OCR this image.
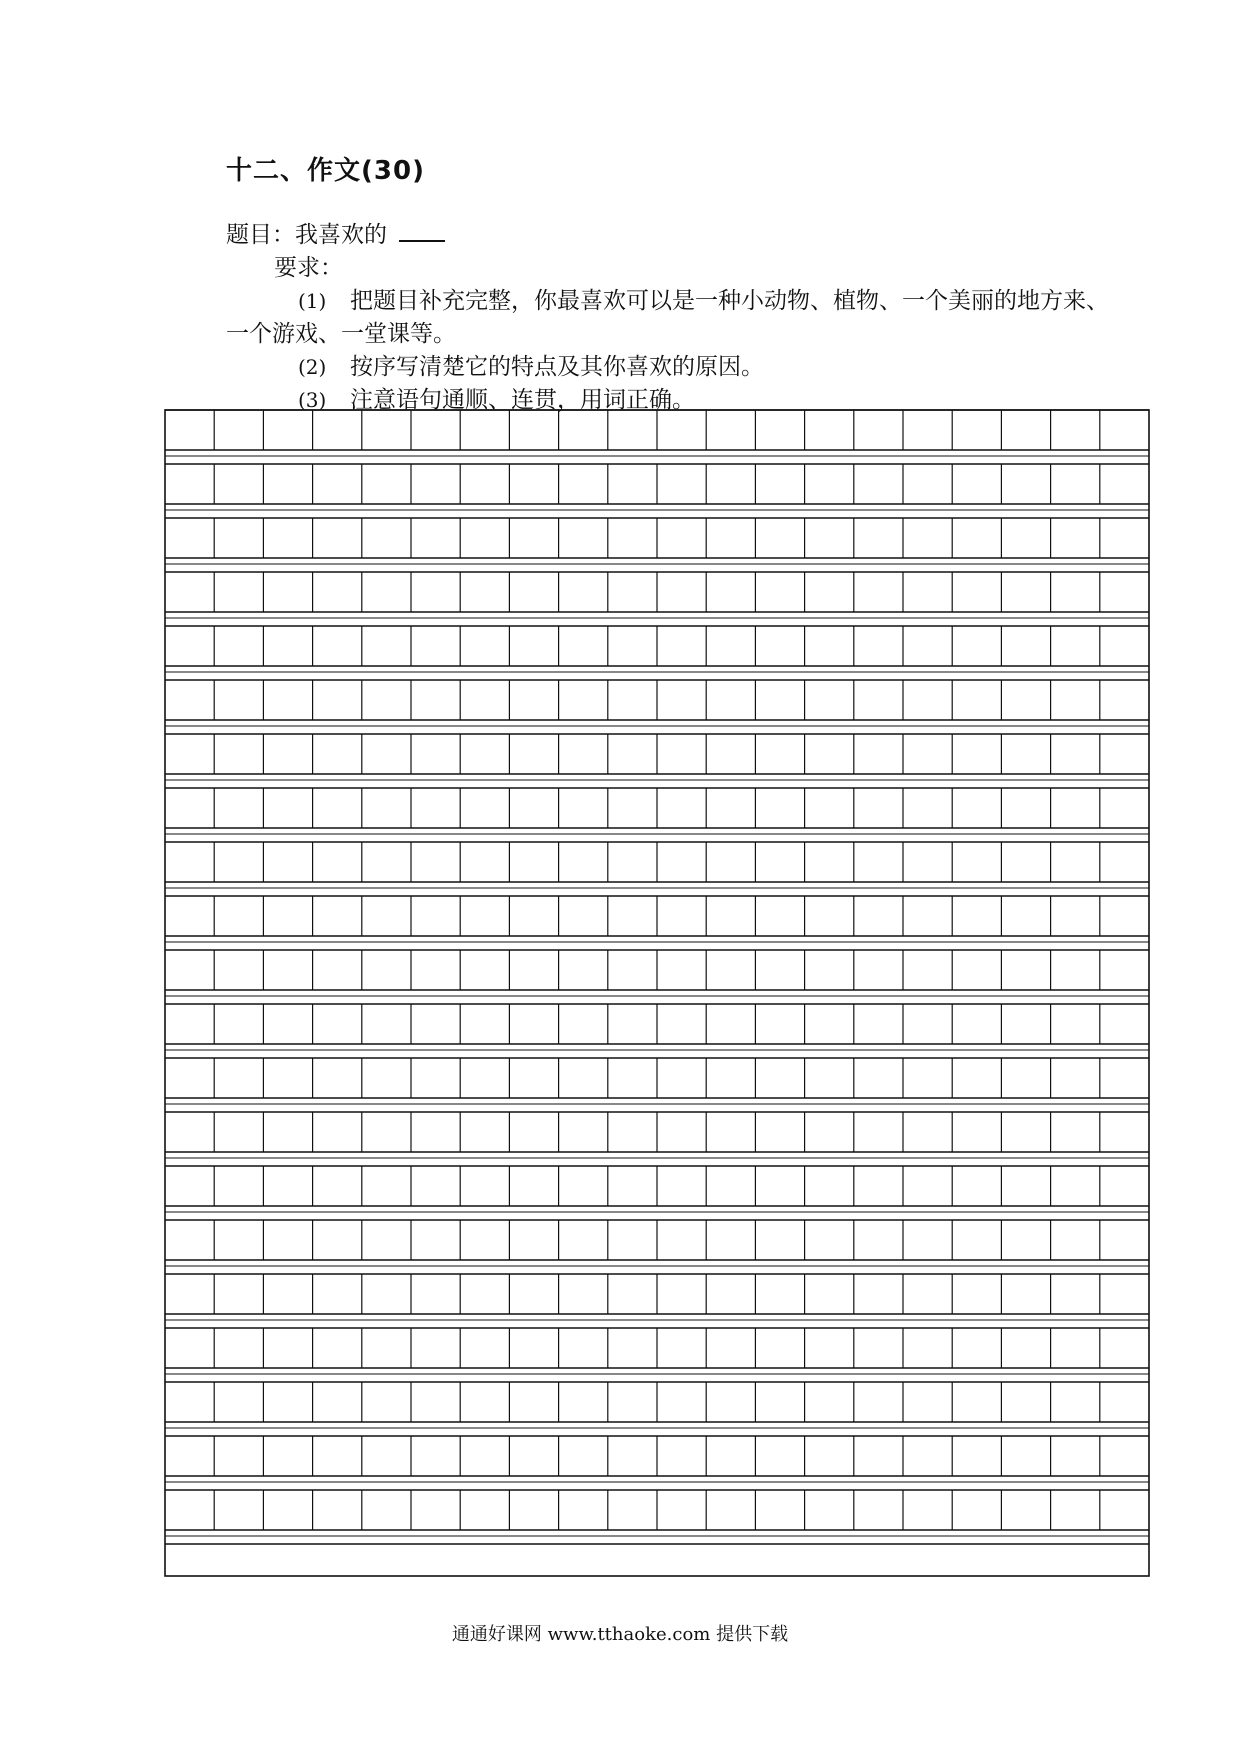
十二、作文(30)
题目：我喜欢的
要求：
(1) 把题目补充完整，你最喜欢可以是一种小动物、植物、一个美丽的地方来、
一个游戏、一堂课等。
(2) 按序写清楚它的特点及其你喜欢的原因。
(3) 注意语句通顺、连贯，用词正确。
通通好课网 www.tthaoke.com 提供下载
